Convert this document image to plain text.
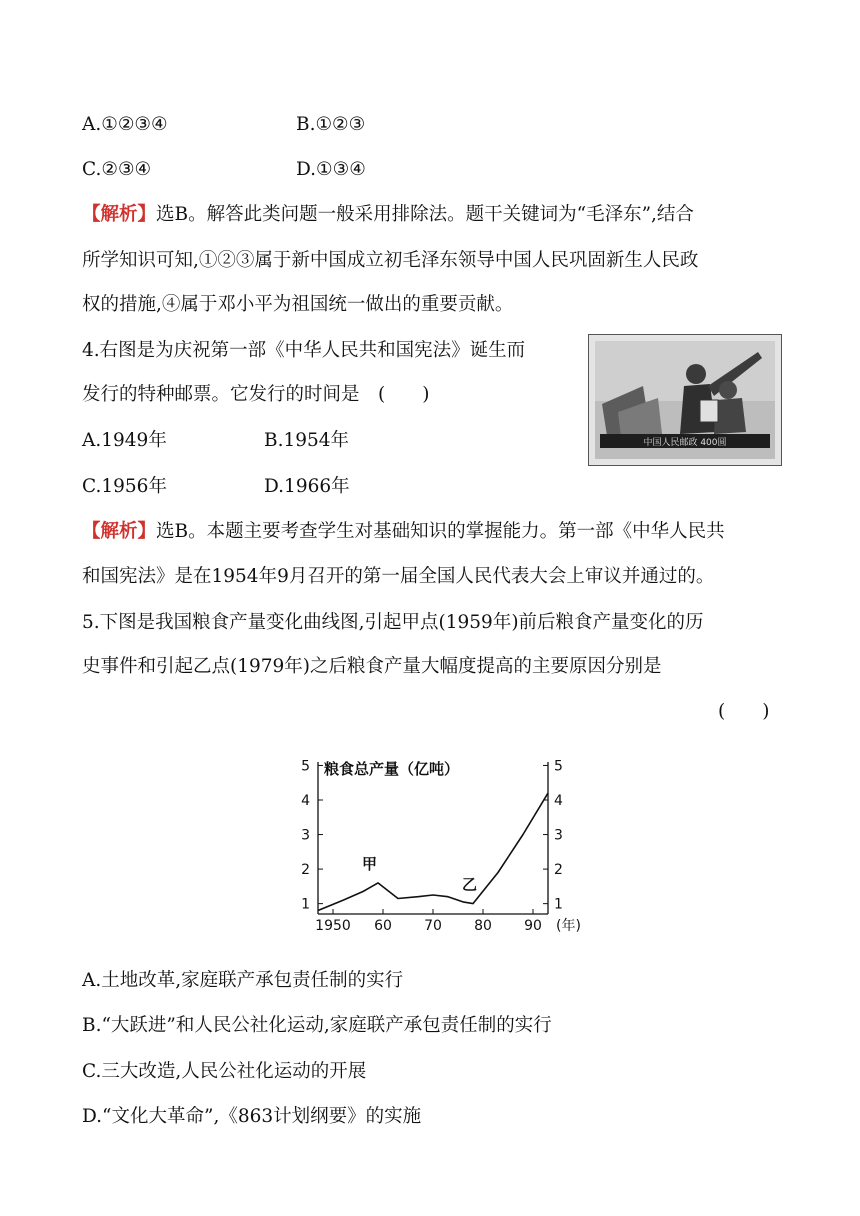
A.①②③④	B.①②③
C.②③④	D.①③④
【解析】选B。解答此类问题一般采用排除法。题干关键词为“毛泽东”,结合
所学知识可知,①②③属于新中国成立初毛泽东领导中国人民巩固新生人民政
权的措施,④属于邓小平为祖国统一做出的重要贡献。
4.右图是为庆祝第一部《中华人民共和国宪法》诞生而
发行的特种邮票。它发行的时间是　(　　)
中国人民邮政 400圆
A.1949年	B.1954年
C.1956年	D.1966年
【解析】选B。本题主要考查学生对基础知识的掌握能力。第一部《中华人民共
和国宪法》是在1954年9月召开的第一届全国人民代表大会上审议并通过的。
5.下图是我国粮食产量变化曲线图,引起甲点(1959年)前后粮食产量变化的历
史事件和引起乙点(1979年)之后粮食产量大幅度提高的主要原因分别是
(　　)
1	1
2	2
3	3
4	4
5	5
1950 60 70 80 90
甲
乙
粮食总产量（亿吨）
(年)
A.土地改革,家庭联产承包责任制的实行
B.“大跃进”和人民公社化运动,家庭联产承包责任制的实行
C.三大改造,人民公社化运动的开展
D.“文化大革命”,《863计划纲要》的实施
